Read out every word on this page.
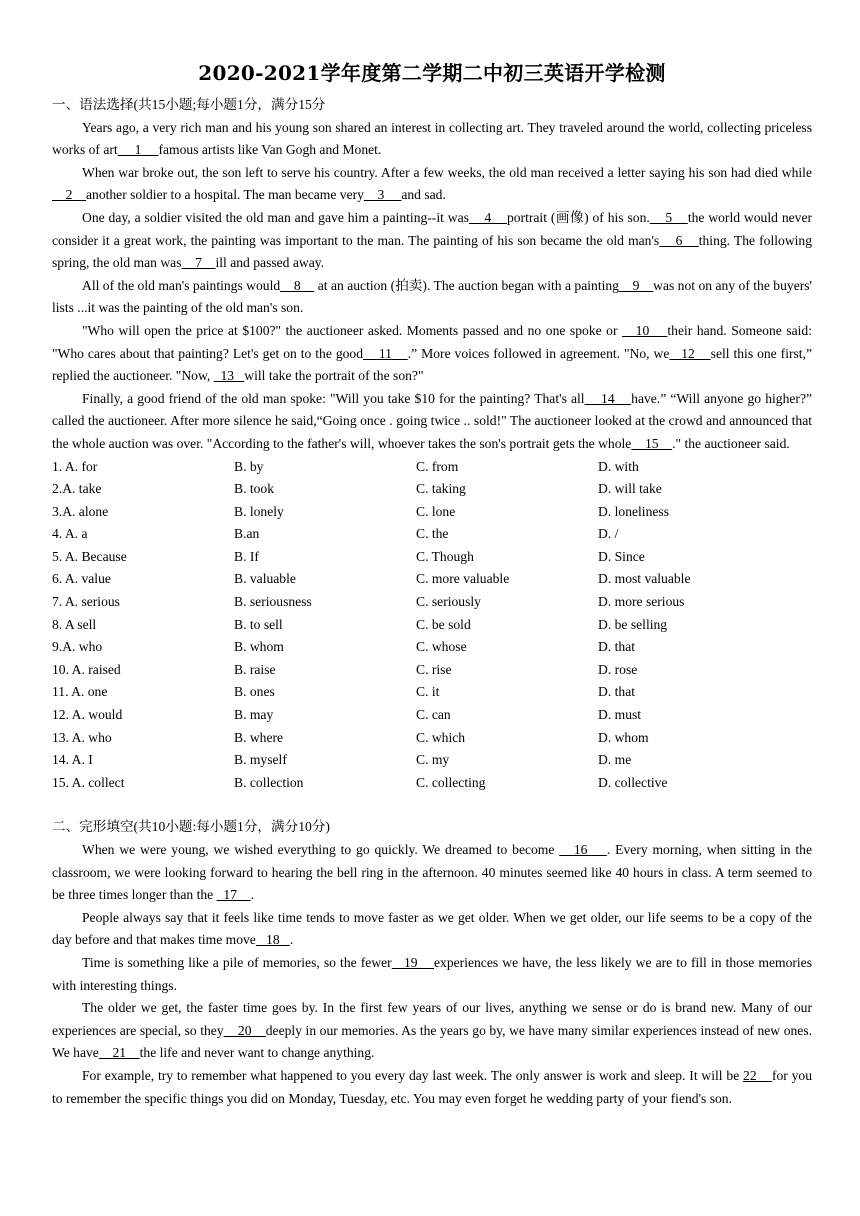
2020-2021学年度第二学期二中初三英语开学检测

一、语法选择(共15小题;每小题1分，满分15分

Years ago, a very rich man and his young son shared an interest in collecting art. They traveled around the world, collecting priceless works of art     1     famous artists like Van Gogh and Monet.

When war broke out, the son left to serve his country. After a few weeks, the old man received a letter saying his son had died while    2    another soldier to a hospital. The man became very    3     and sad.

One day, a soldier visited the old man and gave him a painting--it was    4    portrait (画像) of his son.    5    the world would never consider it a great work, the painting was important to the man. The painting of his son became the old man's    6    thing. The following spring, the old man was    7    ill and passed away.

All of the old man's paintings would    8     at an auction (拍卖). The auction began with a painting    9    was not on any of the buyers' lists ...it was the painting of the old man's son.

"Who will open the price at $100?" the auctioneer asked. Moments passed and no one spoke or    10    their hand. Someone said: "Who cares about that painting? Let's get on to the good    11    .” More voices followed in agreement. "No, we   12    sell this one first,” replied the auctioneer. "Now,   13   will take the portrait of the son?"

Finally, a good friend of the old man spoke: "Will you take $10 for the painting? That's all    14    have.” “Will anyone go higher?” called the auctioneer. After more silence he said,“Going once . going twice .. sold!" The auctioneer looked at the crowd and announced that the whole auction was over. "According to the father's will, whoever takes the son's portrait gets the whole    15    ." the auctioneer said.

1. A. for	B. by	C. from	D. with
2.A. take	B. took	C. taking	D. will take
3.A. alone	B. lonely	C. lone	D. loneliness
4. A. a	B.an	C. the	D. /
5. A. Because	B. If	C. Though	D. Since
6. A. value	B. valuable	C. more valuable	D. most valuable
7. A. serious	B. seriousness	C. seriously	D. more serious
8. A sell	B. to sell	C. be sold	D. be selling
9.A. who	B. whom	C. whose	D. that
10. A. raised	B. raise	C. rise	D. rose
11. A. one	B. ones	C. it	D. that
12. A. would	B. may	C. can	D. must
13. A. who	B. where	C. which	D. whom
14. A. I	B. myself	C. my	D. me
15. A. collect	B. collection	C. collecting	D. collective

二、完形填空(共10小题:每小题1分，满分10分)

When we were young, we wished everything to go quickly. We dreamed to become    16    . Every morning, when sitting in the classroom, we were looking forward to hearing the bell ring in the afternoon. 40 minutes seemed like 40 hours in class. A term seemed to be three times longer than the   17    .

People always say that it feels like time tends to move faster as we get older. When we get older, our life seems to be a copy of the day before and that makes time move   18   .

Time is something like a pile of memories, so the fewer   19    experiences we have, the less likely we are to fill in those memories with interesting things.

The older we get, the faster time goes by. In the first few years of our lives, anything we sense or do is brand new. Many of our experiences are special, so they    20    deeply in our memories. As the years go by, we have many similar experiences instead of new ones. We have    21    the life and never want to change anything.

For example, try to remember what happened to you every day last week. The only answer is work and sleep. It will be 22    for you to remember the specific things you did on Monday, Tuesday, etc. You may even forget he wedding party of your fiend's son.
